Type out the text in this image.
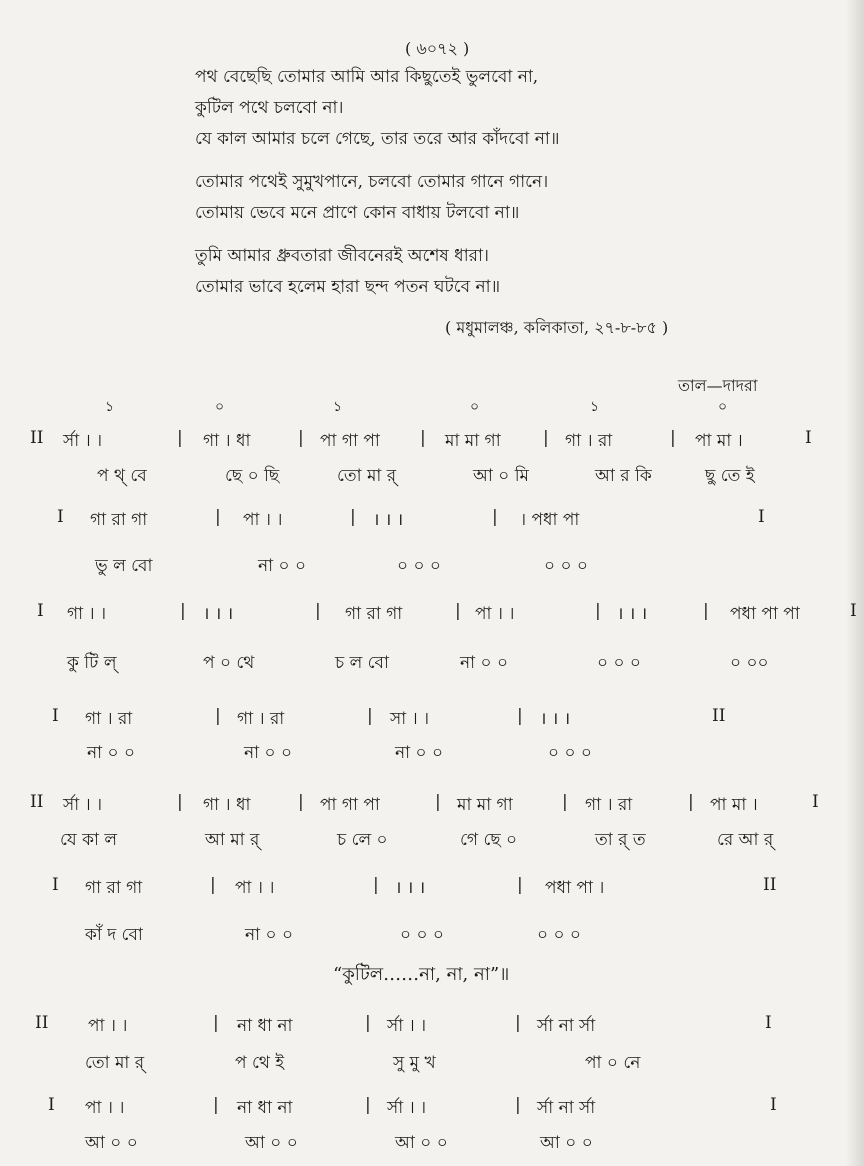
( ৬০৭২ )
পথ বেছেছি তোমার আমি আর কিছুতেই ভুলবো না,
কুটিল পথে চলবো না।
যে কাল আমার চলে গেছে, তার তরে আর কাঁদবো না॥
তোমার পথেই সুমুখপানে, চলবো তোমার গানে গানে।
তোমায় ভেবে মনে প্রাণে কোন বাধায় টলবো না॥
তুমি আমার ধ্রুবতারা জীবনেরই অশেষ ধারা।
তোমার ভাবে হলেম হারা ছন্দ পতন ঘটবে না॥
( মধুমালঞ্চ, কলিকাতা, ২৭-৮-৮৫ )
তাল—দাদরা
১	০	১	০	১	০
“কুটিল……না, না, না”॥
II র্সা । ।	| গা । ধা	| পা গা পা | মা মা গা | গা । রা	| পা মা ।	I
প থ্ বে	ছে ০ ছি	তো মা র্	আ ০ মি	আ র কি	ছু তে ই
I গা রা গা	| পা । ।	| । । ।	| । পধা পা	I
ভু ল বো	না ০ ০	০ ০ ০	০ ০ ০
I গা । ।	| । । ।	| গা রা গা	| পা । ।	| । । ।	| পধা পা পা	I
কু টি ল্	প ০ থে	চ ল বো	না ০ ০	০ ০ ০	০ ০০
I গা । রা	| গা । রা	| সা । ।	| । । ।	II
না ০ ০	না ০ ০	না ০ ০	০ ০ ০
II র্সা । ।	| গা । ধা	| পা গা পা	| মা মা গা	| গা । রা	| পা মা ।	I
যে কা ল	আ মা র্	চ লে ০	গে ছে ০	তা র্ ত	রে আ র্
I গা রা গা	| পা । ।	| । । ।	| পধা পা ।	II
কাঁ দ বো	না ০ ০	০ ০ ০	০ ০ ০
II পা । ।	| না ধা না	| র্সা । ।	| র্সা না র্সা	I
তো মা র্	প থে ই	সু মু খ	পা ০ নে
I পা । ।	| না ধা না	| র্সা । ।	| র্সা না র্সা	I
আ ০ ০	আ ০ ০	আ ০ ০	আ ০ ০
